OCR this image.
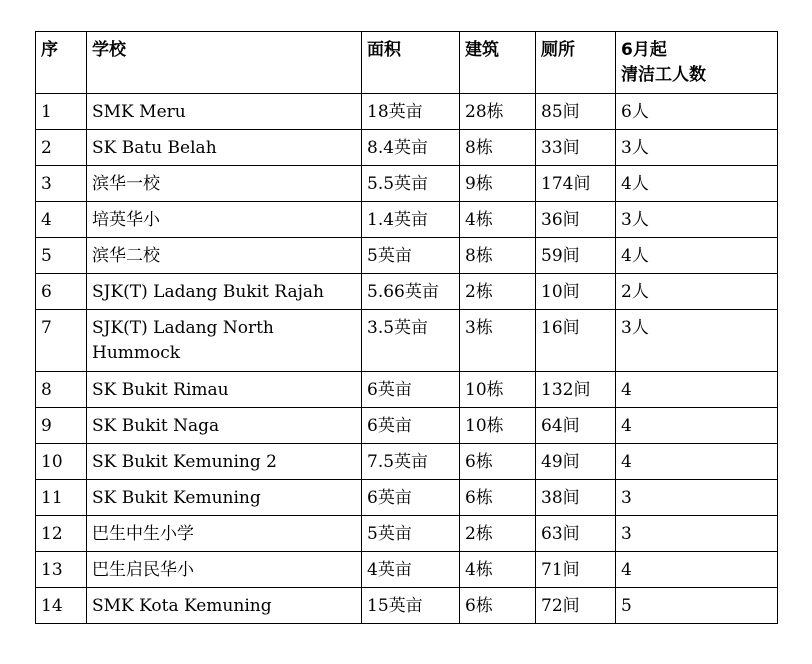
序	学校	面积	建筑	厕所	6月起
清洁工人数

1	SMK Meru	18英亩	28栋	85间	6人
2	SK Batu Belah	8.4英亩	8栋	33间	3人
3	滨华一校	5.5英亩	9栋	174间	4人
4	培英华小	1.4英亩	4栋	36间	3人
5	滨华二校	5英亩	8栋	59间	4人
6	SJK(T) Ladang Bukit Rajah	5.66英亩	2栋	10间	2人
7	SJK(T) Ladang North Hummock	3.5英亩	3栋	16间	3人
8	SK Bukit Rimau	6英亩	10栋	132间	4
9	SK Bukit Naga	6英亩	10栋	64间	4
10	SK Bukit Kemuning 2	7.5英亩	6栋	49间	4
11	SK Bukit Kemuning	6英亩	6栋	38间	3
12	巴生中生小学	5英亩	2栋	63间	3
13	巴生启民华小	4英亩	4栋	71间	4
14	SMK Kota Kemuning	15英亩	6栋	72间	5
